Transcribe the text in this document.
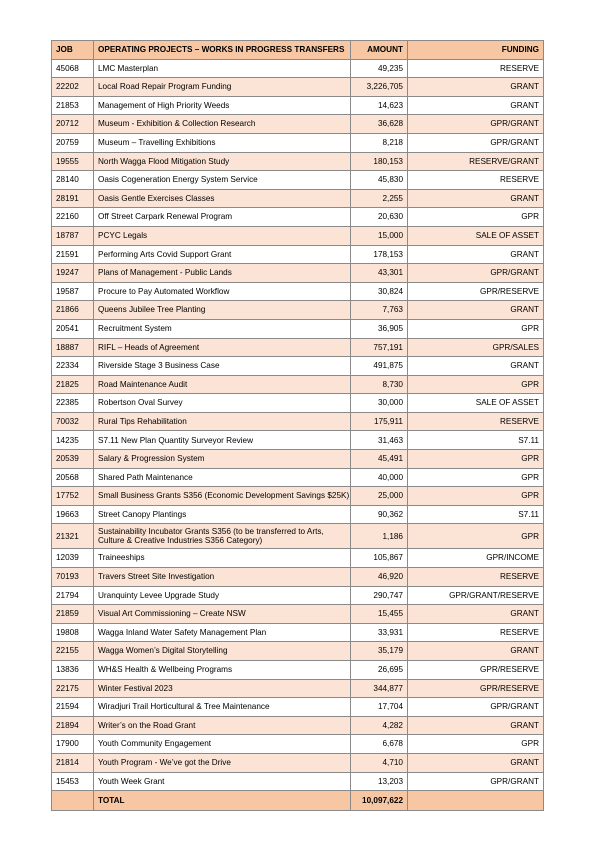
JOB	OPERATING PROJECTS – WORKS IN PROGRESS TRANSFERS	AMOUNT	FUNDING
45068	LMC Masterplan	49,235	RESERVE
22202	Local Road Repair Program Funding	3,226,705	GRANT
21853	Management of High Priority Weeds	14,623	GRANT
20712	Museum - Exhibition & Collection Research	36,628	GPR/GRANT
20759	Museum – Travelling Exhibitions	8,218	GPR/GRANT
19555	North Wagga Flood Mitigation Study	180,153	RESERVE/GRANT
28140	Oasis Cogeneration Energy System Service	45,830	RESERVE
28191	Oasis Gentle Exercises Classes	2,255	GRANT
22160	Off Street Carpark Renewal Program	20,630	GPR
18787	PCYC Legals	15,000	SALE OF ASSET
21591	Performing Arts Covid Support Grant	178,153	GRANT
19247	Plans of Management - Public Lands	43,301	GPR/GRANT
19587	Procure to Pay Automated Workflow	30,824	GPR/RESERVE
21866	Queens Jubilee Tree Planting	7,763	GRANT
20541	Recruitment System	36,905	GPR
18887	RIFL – Heads of Agreement	757,191	GPR/SALES
22334	Riverside Stage 3 Business Case	491,875	GRANT
21825	Road Maintenance Audit	8,730	GPR
22385	Robertson Oval Survey	30,000	SALE OF ASSET
70032	Rural Tips Rehabilitation	175,911	RESERVE
14235	S7.11 New Plan Quantity Surveyor Review	31,463	S7.11
20539	Salary & Progression System	45,491	GPR
20568	Shared Path Maintenance	40,000	GPR
17752	Small Business Grants S356 (Economic Development Savings $25K)	25,000	GPR
19663	Street Canopy Plantings	90,362	S7.11
21321	Sustainability Incubator Grants S356 (to be transferred to Arts, Culture & Creative Industries S356 Category)	1,186	GPR
12039	Traineeships	105,867	GPR/INCOME
70193	Travers Street Site Investigation	46,920	RESERVE
21794	Uranquinty Levee Upgrade Study	290,747	GPR/GRANT/RESERVE
21859	Visual Art Commissioning – Create NSW	15,455	GRANT
19808	Wagga Inland Water Safety Management Plan	33,931	RESERVE
22155	Wagga Women’s Digital Storytelling	35,179	GRANT
13836	WH&S Health & Wellbeing Programs	26,695	GPR/RESERVE
22175	Winter Festival 2023	344,877	GPR/RESERVE
21594	Wiradjuri Trail Horticultural & Tree Maintenance	17,704	GPR/GRANT
21894	Writer’s on the Road Grant	4,282	GRANT
17900	Youth Community Engagement	6,678	GPR
21814	Youth Program - We’ve got the Drive	4,710	GRANT
15453	Youth Week Grant	13,203	GPR/GRANT
	TOTAL	10,097,622	
